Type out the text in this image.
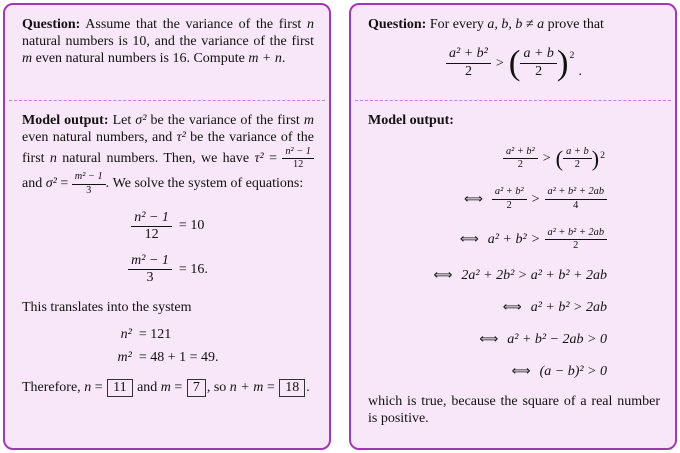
Question: Assume that the variance of the first n natural numbers is 10, and the variance of the first m even natural numbers is 16. Compute m + n.

Model output: Let σ² be the variance of the first m even natural numbers, and τ² be the variance of the first n natural numbers. Then, we have $\tau^2 = \frac{\text{n² − 1}}{12}$
and $\sigma^2 = \frac{\text{m² − 1}}{3}$ . We solve the system of equations:

$\frac{\text{n² − 1}}{12} = 10$
$\frac{\text{m² − 1}}{3} = 16$.

This translates into the system

n² = 121
m² = 48 + 1 = 49.

Therefore, n = 11 and m = 7 , so n + m = 18 .

Question: For every a, b, b ≠ a prove that

$\frac{\text{a² + b²}}{2}$ > ( $\frac{a + b}{2}$ ) 2
.

Model output:

$\frac{\text{a² + b²}}{2}$ > ( $\frac{a + b}{2}$ ) 2
⟺ $\frac{\text{a² + b²}}{2} > \frac{\text{a² + b² + 2ab}}{4}$
⟺ $a^2 + b^2 > \frac{\text{a² + b² + 2ab}}{2}$
⟺ 2a² + 2b² > a² + b² + 2ab
⟺ a² + b² > 2ab
⟺ a² + b² − 2ab > 0
⟺ (a − b)² > 0

which is true, because the square of a real number is positive.
